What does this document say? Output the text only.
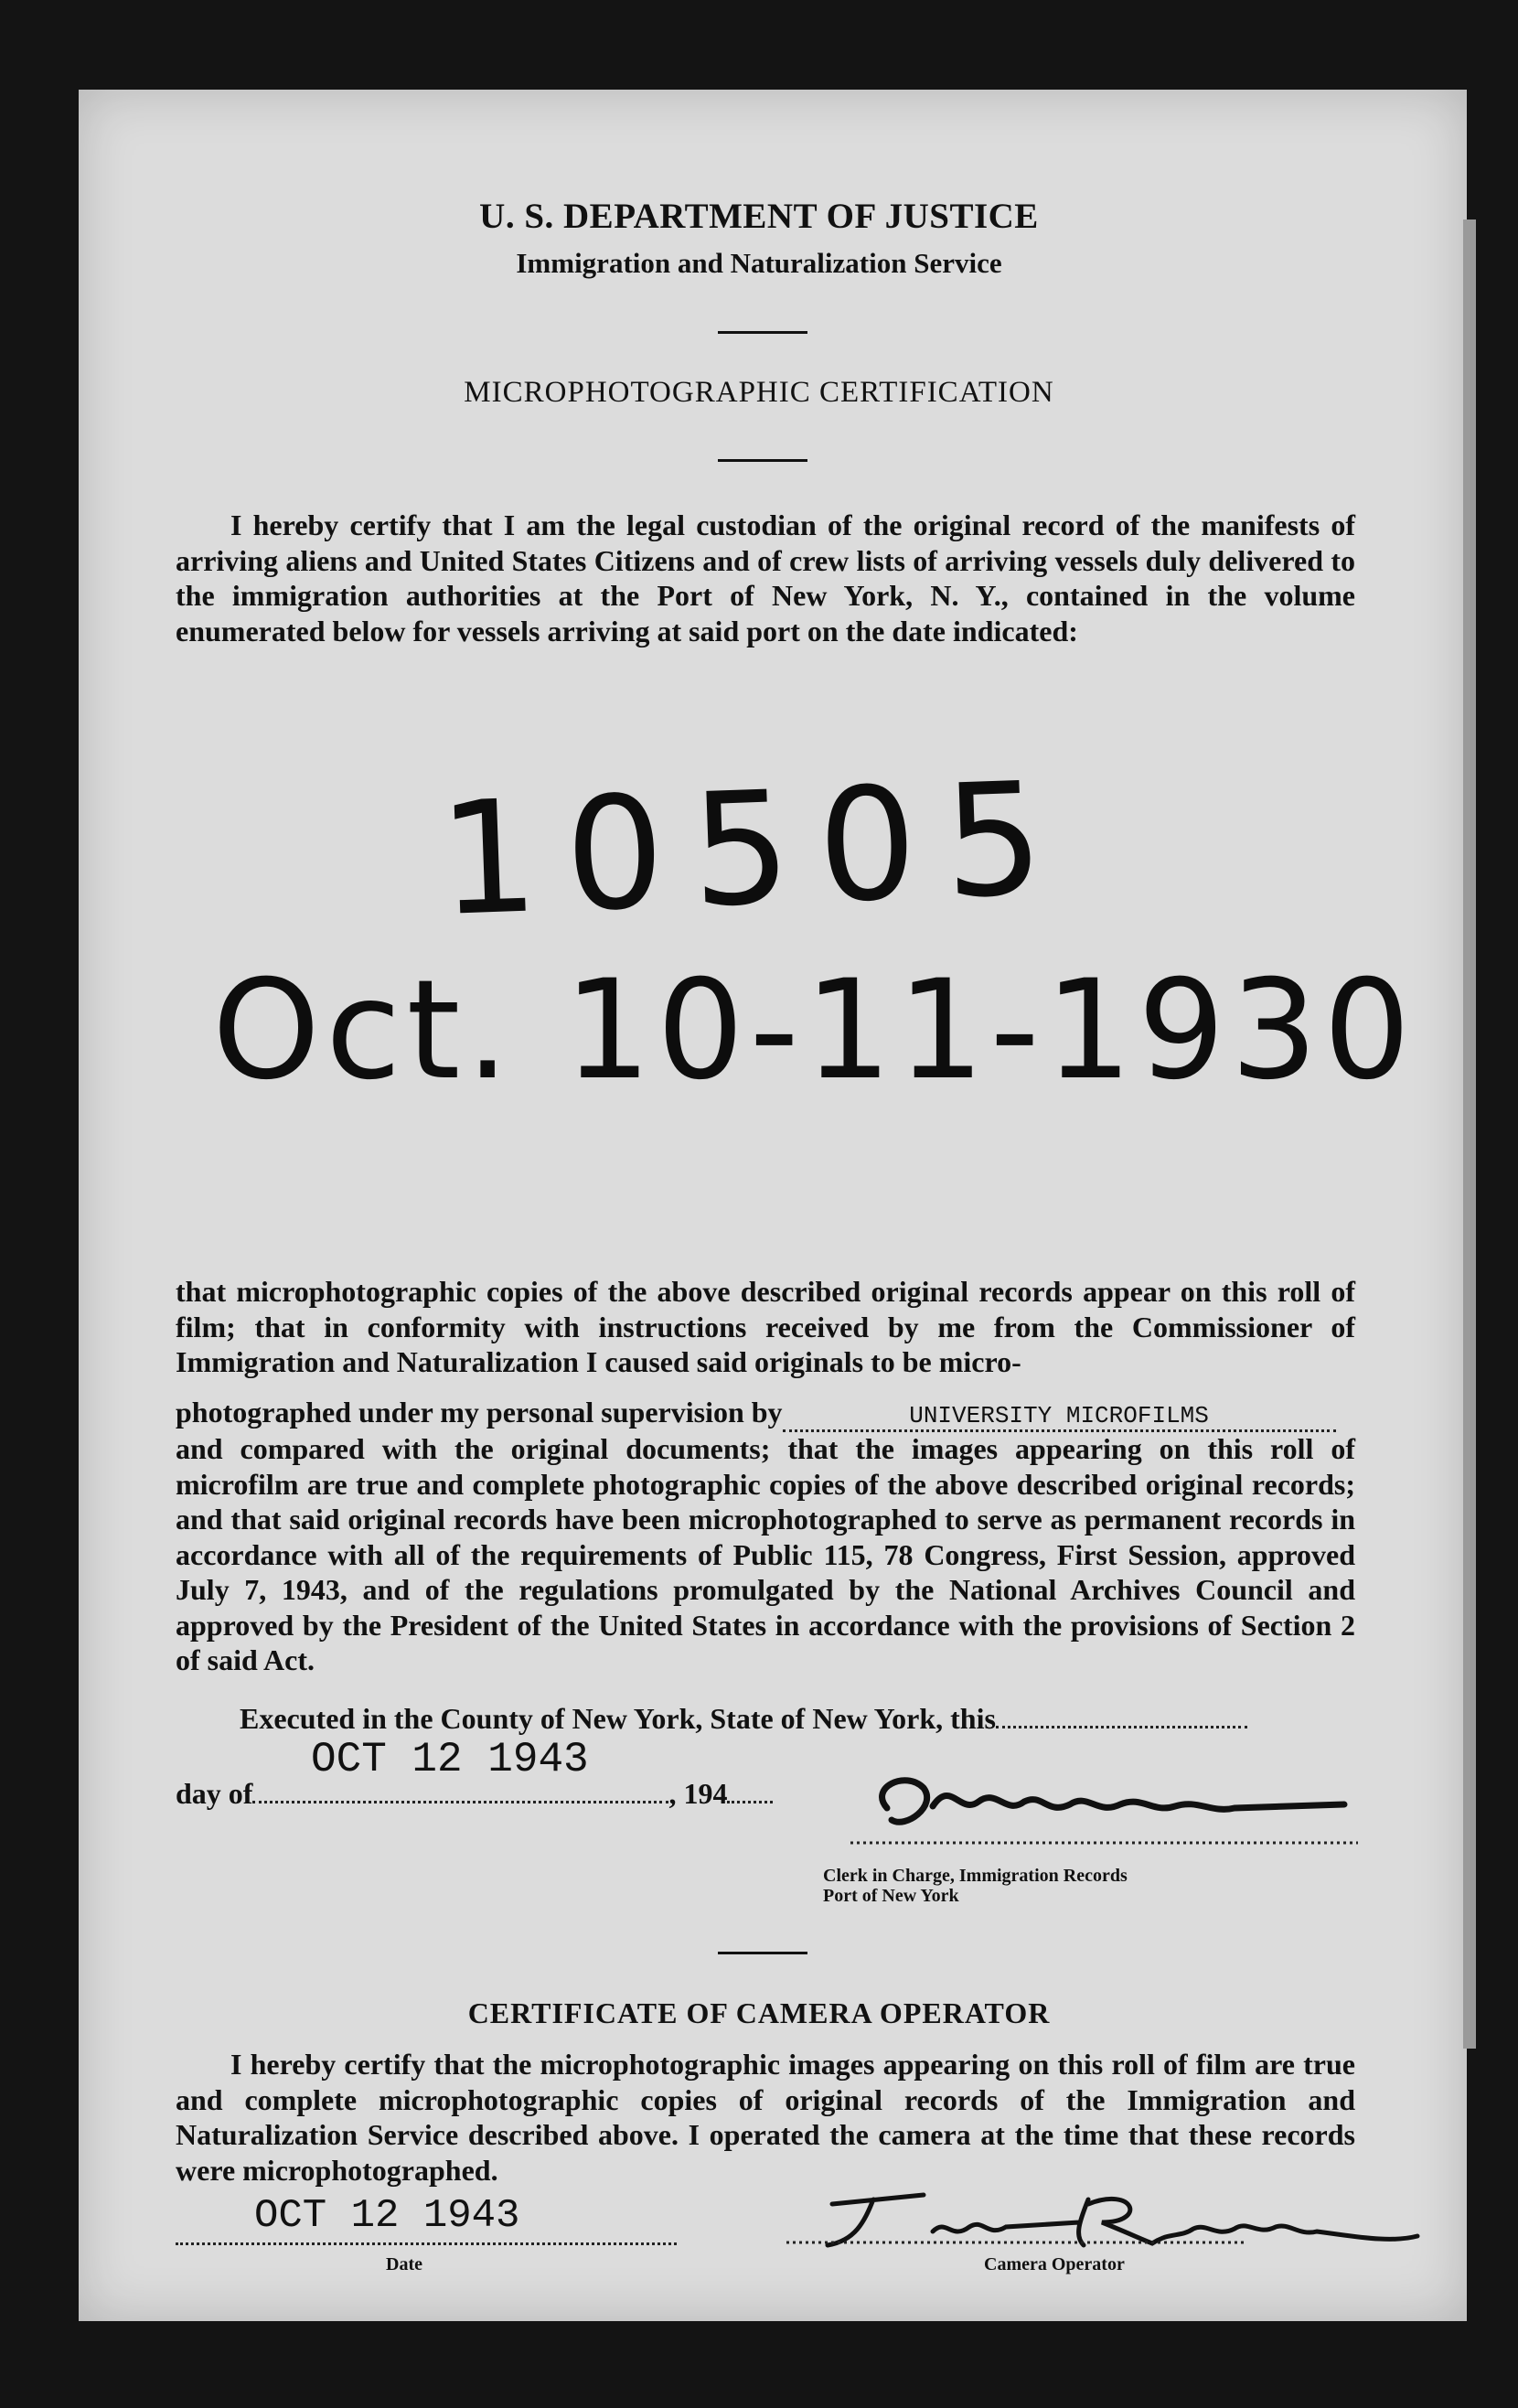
U. S. DEPARTMENT OF JUSTICE
Immigration and Naturalization Service
MICROPHOTOGRAPHIC CERTIFICATION

I hereby certify that I am the legal custodian of the original record of the manifests of arriving aliens and United States Citizens and of crew lists of arriving vessels duly delivered to the immigration authorities at the Port of New York, N. Y., contained in the volume enumerated below for vessels arriving at said port on the date indicated:

10505
Oct. 10-11-1930

that microphotographic copies of the above described original records appear on this roll of film; that in conformity with instructions received by me from the Commissioner of Immigration and Naturalization I caused said originals to be micro-

photographed under my personal supervision by	UNIVERSITY MICROFILMS

and compared with the original documents; that the images appearing on this roll of microfilm are true and complete photographic copies of the above described original records; and that said original records have been microphotographed to serve as permanent records in accordance with all of the requirements of Public 115, 78 Congress, First Session, approved July 7, 1943, and of the regulations promulgated by the National Archives Council and approved by the President of the United States in accordance with the provisions of Section 2 of said Act.

Executed in the County of New York, State of New York, this
day of	, 194
OCT 12 1943
Clerk in Charge, Immigration Records
Port of New York
CERTIFICATE OF CAMERA OPERATOR

I hereby certify that the microphotographic images appearing on this roll of film are true and complete microphotographic copies of original records of the Immigration and Naturalization Service described above. I operated the camera at the time that these records were microphotographed.

OCT 12 1943
Date	Camera Operator
